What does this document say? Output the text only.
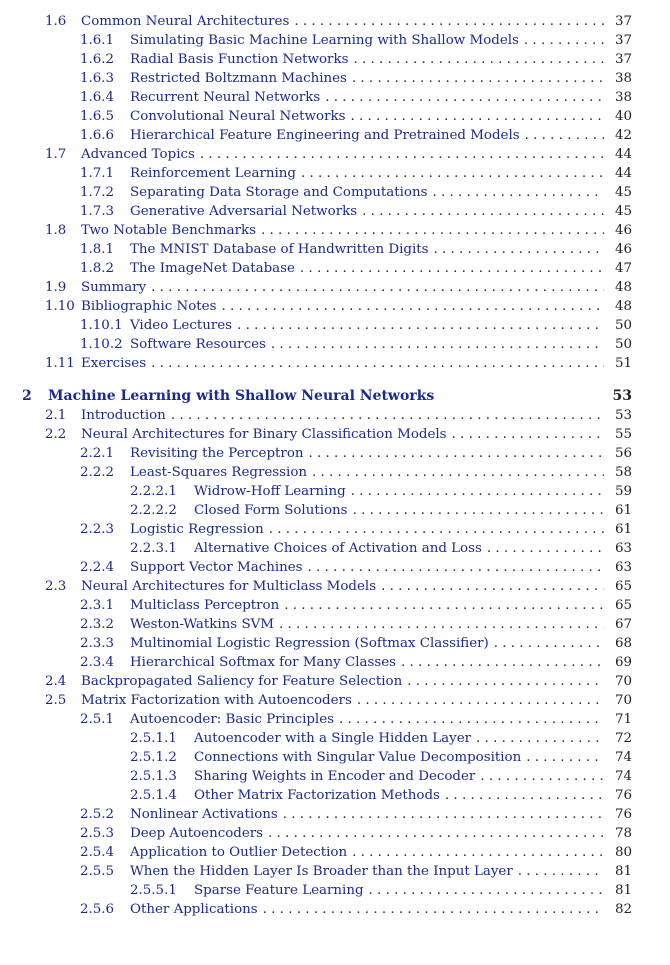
1.6	Common Neural Architectures . . .	37
1.6.1	Simulating Basic Machine Learning with Shallow Models . . .	37
1.6.2	Radial Basis Function Networks . . .	37
1.6.3	Restricted Boltzmann Machines . . .	38
1.6.4	Recurrent Neural Networks . . .	38
1.6.5	Convolutional Neural Networks . . .	40
1.6.6	Hierarchical Feature Engineering and Pretrained Models . . .	42
1.7	Advanced Topics . . .	44
1.7.1	Reinforcement Learning . . .	44
1.7.2	Separating Data Storage and Computations . . .	45
1.7.3	Generative Adversarial Networks . . .	45
1.8	Two Notable Benchmarks . . .	46
1.8.1	The MNIST Database of Handwritten Digits . . .	46
1.8.2	The ImageNet Database . . .	47
1.9	Summary . . .	48
1.10 Bibliographic Notes . . .	48
1.10.1 Video Lectures . . .	50
1.10.2 Software Resources . . .	50
1.11 Exercises . . .	51
2	Machine Learning with Shallow Neural Networks	53
2.1	Introduction . . .	53
2.2	Neural Architectures for Binary Classification Models . . .	55
2.2.1	Revisiting the Perceptron . . .	56
2.2.2	Least-Squares Regression . . .	58
2.2.2.1	Widrow-Hoff Learning . . .	59
2.2.2.2	Closed Form Solutions . . .	61
2.2.3	Logistic Regression . . .	61
2.2.3.1	Alternative Choices of Activation and Loss . . .	63
2.2.4	Support Vector Machines . . .	63
2.3	Neural Architectures for Multiclass Models . . .	65
2.3.1	Multiclass Perceptron . . .	65
2.3.2	Weston-Watkins SVM . . .	67
2.3.3	Multinomial Logistic Regression (Softmax Classifier) . . .	68
2.3.4	Hierarchical Softmax for Many Classes . . .	69
2.4	Backpropagated Saliency for Feature Selection . . .	70
2.5	Matrix Factorization with Autoencoders . . .	70
2.5.1	Autoencoder: Basic Principles . . .	71
2.5.1.1	Autoencoder with a Single Hidden Layer . . .	72
2.5.1.2	Connections with Singular Value Decomposition . . .	74
2.5.1.3	Sharing Weights in Encoder and Decoder . . .	74
2.5.1.4	Other Matrix Factorization Methods . . .	76
2.5.2	Nonlinear Activations . . .	76
2.5.3	Deep Autoencoders . . .	78
2.5.4	Application to Outlier Detection . . .	80
2.5.5	When the Hidden Layer Is Broader than the Input Layer . . .	81
2.5.5.1	Sparse Feature Learning . . .	81
2.5.6	Other Applications . . .	82
